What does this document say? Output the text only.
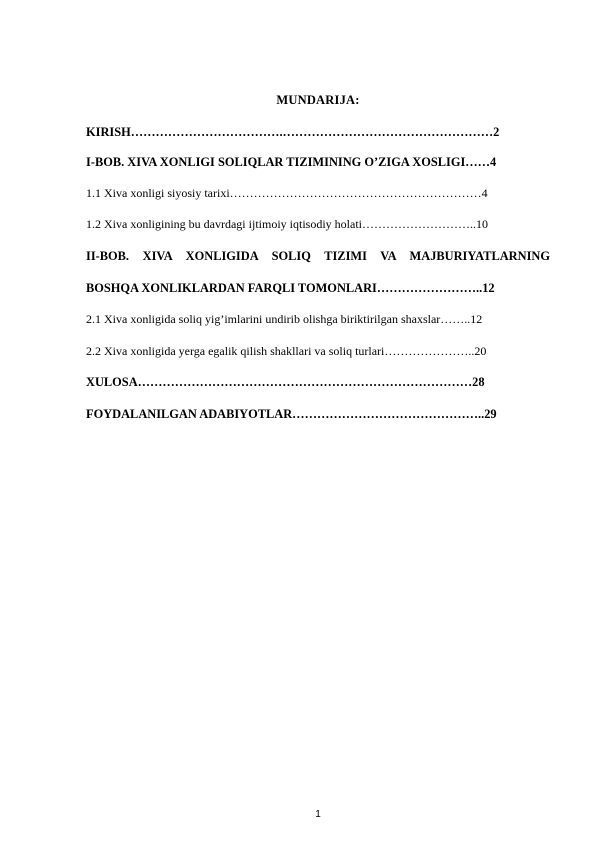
MUNDARIJA:
KIRISH……………………………….……………………………………………2
I-BOB. XIVA XONLIGI SOLIQLAR TIZIMINING O’ZIGA XOSLIGI……4
1.1 Xiva xonligi siyosiy tarixi………………………………………………………4
1.2 Xiva xonligining bu davrdagi ijtimoiy iqtisodiy holati………………………..10
II-BOB. XIVA XONLIGIDA SOLIQ TIZIMI VA MAJBURIYATLARNING
BOSHQA XONLIKLARDAN FARQLI TOMONLARI……………………..12
2.1 Xiva xonligida soliq yig’imlarini undirib olishga biriktirilgan shaxslar……..12
2.2 Xiva xonligida yerga egalik qilish shakllari va soliq turlari…………………..20
XULOSA………………………………………………………………………28
FOYDALANILGAN ADABIYOTLAR………………………………………..29
1
